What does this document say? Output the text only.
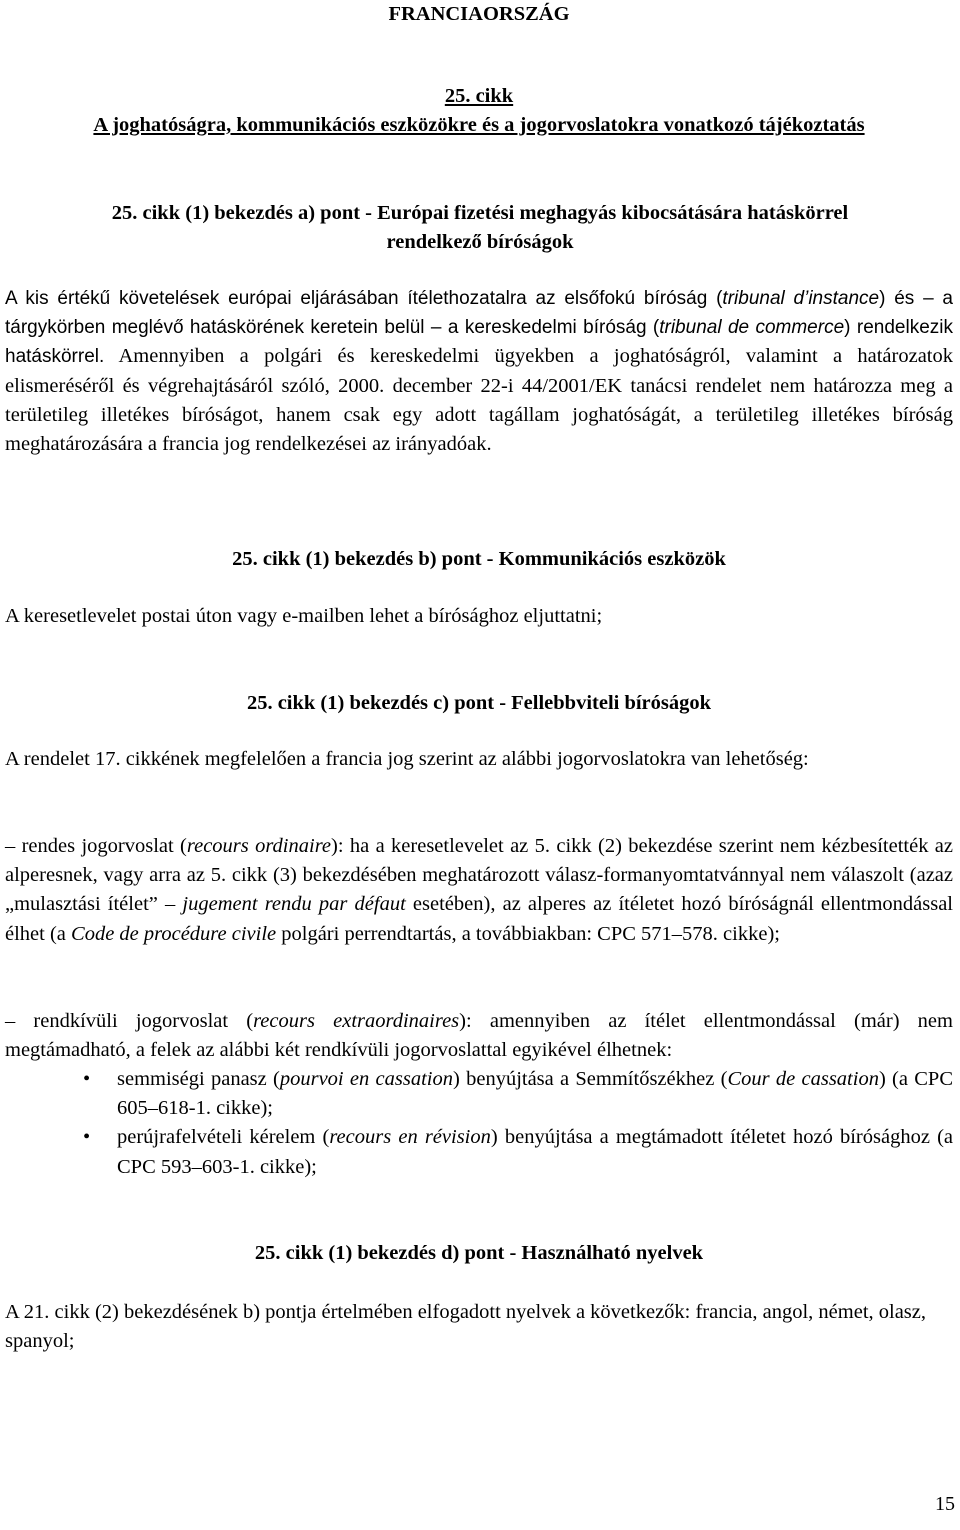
FRANCIAORSZÁG
25. cikk
A joghatóságra, kommunikációs eszközökre és a jogorvoslatokra vonatkozó tájékoztatás
25. cikk (1) bekezdés a) pont - Európai fizetési meghagyás kibocsátására hatáskörrel rendelkező bíróságok
A kis értékű követelések európai eljárásában ítélethozatalra az elsőfokú bíróság (tribunal d’instance) és – a tárgykörben meglévő hatáskörének keretein belül – a kereskedelmi bíróság (tribunal de commerce) rendelkezik hatáskörrel. Amennyiben a polgári és kereskedelmi ügyekben a joghatóságról, valamint a határozatok elismeréséről és végrehajtásáról szóló, 2000. december 22-i 44/2001/EK tanácsi rendelet nem határozza meg a területileg illetékes bíróságot, hanem csak egy adott tagállam joghatóságát, a területileg illetékes bíróság meghatározására a francia jog rendelkezései az irányadóak.
25. cikk (1) bekezdés b) pont - Kommunikációs eszközök
A keresetlevelet postai úton vagy e-mailben lehet a bírósághoz eljuttatni;
25. cikk (1) bekezdés c) pont - Fellebbviteli bíróságok
A rendelet 17. cikkének megfelelően a francia jog szerint az alábbi jogorvoslatokra van lehetőség:
– rendes jogorvoslat (recours ordinaire): ha a keresetlevelet az 5. cikk (2) bekezdése szerint nem kézbesítették az alperesnek, vagy arra az 5. cikk (3) bekezdésében meghatározott válasz-formanyomtatvánnyal nem válaszolt (azaz „mulasztási ítélet” – jugement rendu par défaut esetében), az alperes az ítéletet hozó bíróságnál ellentmondással élhet (a Code de procédure civile polgári perrendtartás, a továbbiakban: CPC 571–578. cikke);
– rendkívüli jogorvoslat (recours extraordinaires): amennyiben az ítélet ellentmondással (már) nem megtámadható, a felek az alábbi két rendkívüli jogorvoslattal egyikével élhetnek:
• semmiségi panasz (pourvoi en cassation) benyújtása a Semmítőszékhez (Cour de cassation) (a CPC 605–618-1. cikke);
• perújrafelvételi kérelem (recours en révision) benyújtása a megtámadott ítéletet hozó bírósághoz (a CPC 593–603-1. cikke);
25. cikk (1) bekezdés d) pont - Használható nyelvek
A 21. cikk (2) bekezdésének b) pontja értelmében elfogadott nyelvek a következők: francia, angol, német, olasz, spanyol;
15
